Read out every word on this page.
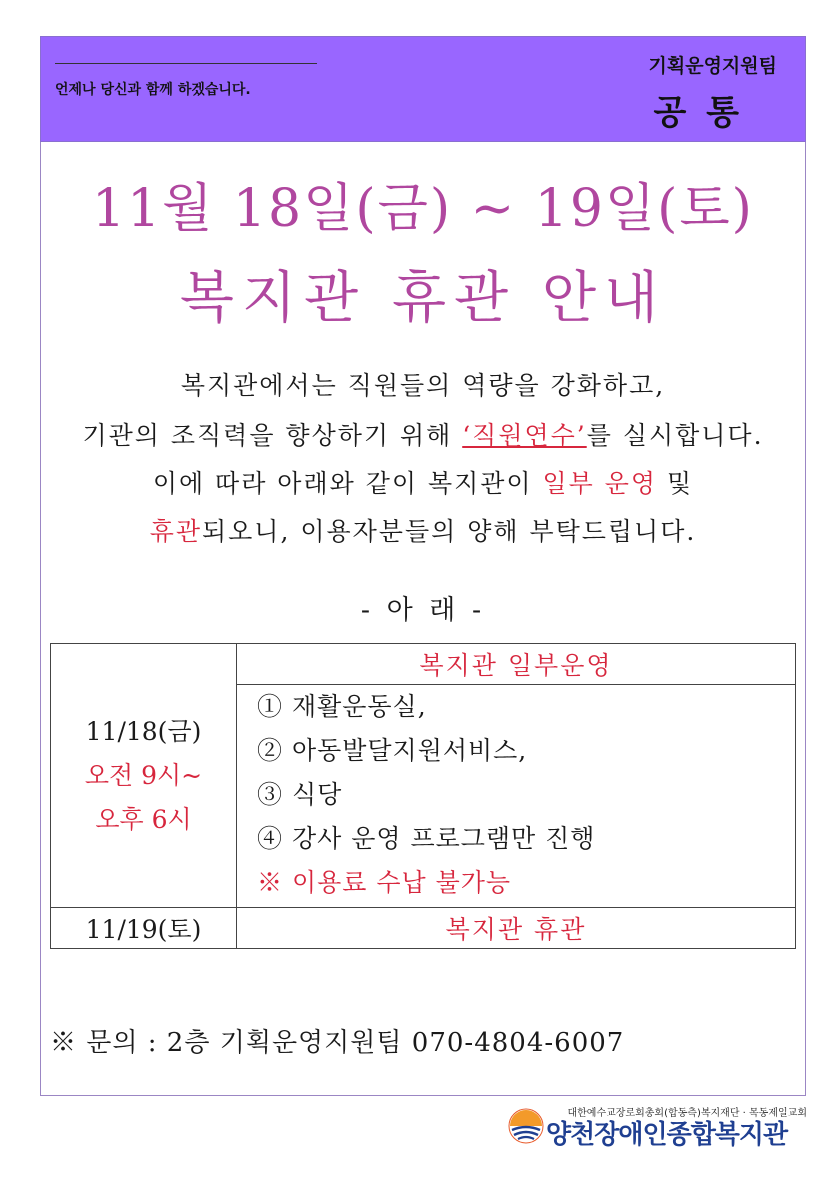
언제나 당신과 함께 하겠습니다.
기획운영지원팀
공 통
11월 18일(금) ~ 19일(토)
복지관 휴관 안내
복지관에서는 직원들의 역량을 강화하고,
기관의 조직력을 향상하기 위해 ‘직원연수’를 실시합니다.
이에 따라 아래와 같이 복지관이 일부 운영 및
휴관되오니, 이용자분들의 양해 부탁드립니다.
- 아 래 -
11/18(금)
오전 9시~
오후 6시	복지관 일부운영

	① 재활운동실,
② 아동발달지원서비스,
③ 식당
④ 강사 운영 프로그램만 진행
※ 이용료 수납 불가능

11/19(토)	복지관 휴관
※ 문의 : 2층 기획운영지원팀 070-4804-6007
대한예수교장로회총회(합동측)복지재단 · 목동제일교회
양천장애인종합복지관
